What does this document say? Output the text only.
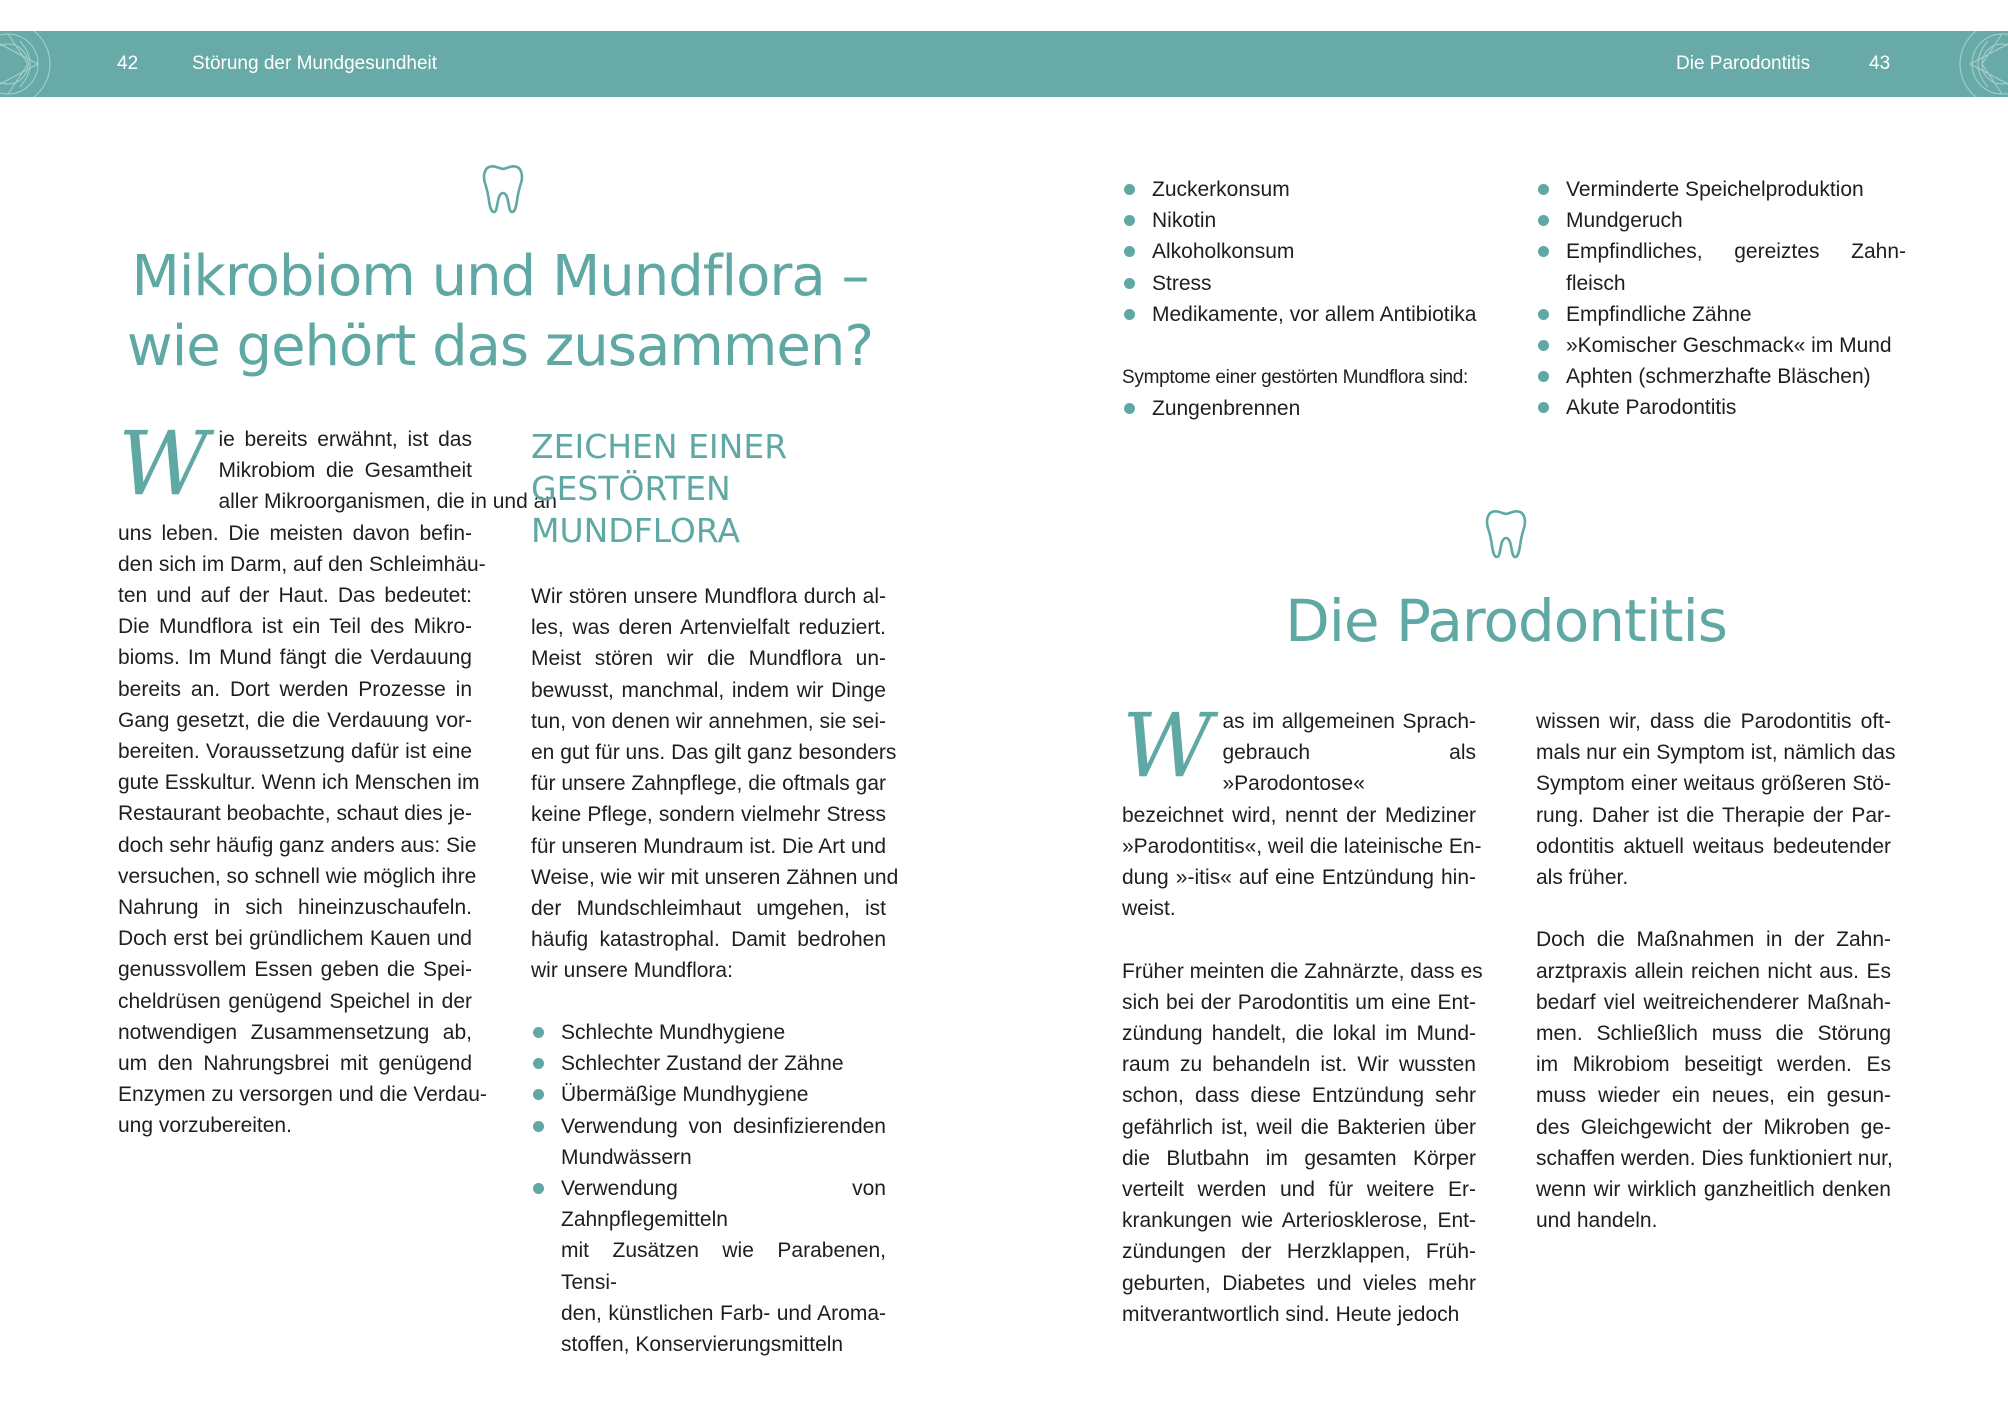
42	Störung der Mundgesundheit	Die Parodontitis	43
Mikrobiom und Mundflora –
wie gehört das zusammen?
W ie bereits erwähnt, ist das
Mikrobiom die Gesamtheit
aller Mikroorganismen, die in und an
uns leben. Die meisten davon befin-
den sich im Darm, auf den Schleimhäu-
ten und auf der Haut. Das bedeutet:
Die Mundflora ist ein Teil des Mikro-
bioms. Im Mund fängt die Verdauung
bereits an. Dort werden Prozesse in
Gang gesetzt, die die Verdauung vor-
bereiten. Voraussetzung dafür ist eine
gute Esskultur. Wenn ich Menschen im
Restaurant beobachte, schaut dies je-
doch sehr häufig ganz anders aus: Sie
versuchen, so schnell wie möglich ihre
Nahrung in sich hineinzuschaufeln.
Doch erst bei gründlichem Kauen und
genussvollem Essen geben die Spei-
cheldrüsen genügend Speichel in der
notwendigen Zusammensetzung ab,
um den Nahrungsbrei mit genügend
Enzymen zu versorgen und die Verdau-
ung vorzubereiten.
ZEICHEN EINER
GESTÖRTEN
MUNDFLORA
Wir stören unsere Mundflora durch al-
les, was deren Artenvielfalt reduziert.
Meist stören wir die Mundflora un-
bewusst, manchmal, indem wir Dinge
tun, von denen wir annehmen, sie sei-
en gut für uns. Das gilt ganz besonders
für unsere Zahnpflege, die oftmals gar
keine Pflege, sondern vielmehr Stress
für unseren Mundraum ist. Die Art und
Weise, wie wir mit unseren Zähnen und
der Mundschleimhaut umgehen, ist
häufig katastrophal. Damit bedrohen
wir unsere Mundflora:
Schlechte Mundhygiene
Schlechter Zustand der Zähne
Übermäßige Mundhygiene
Verwendung von desinfizierenden
Mundwässern
Verwendung von Zahnpflegemitteln
mit Zusätzen wie Parabenen, Tensi-
den, künstlichen Farb- und Aroma-
stoffen, Konservierungsmitteln
Zuckerkonsum
Nikotin
Alkoholkonsum
Stress
Medikamente, vor allem Antibiotika
Symptome einer gestörten Mundflora sind:
Zungenbrennen
Verminderte Speichelproduktion
Mundgeruch
Empfindliches, gereiztes Zahn-
fleisch
Empfindliche Zähne
»Komischer Geschmack« im Mund
Aphten (schmerzhafte Bläschen)
Akute Parodontitis
Die Parodontitis
W as im allgemeinen Sprach-
gebrauch als »Parodontose«
bezeichnet wird, nennt der Mediziner
»Parodontitis«, weil die lateinische En-
dung »-itis« auf eine Entzündung hin-
weist.
Früher meinten die Zahnärzte, dass es
sich bei der Parodontitis um eine Ent-
zündung handelt, die lokal im Mund-
raum zu behandeln ist. Wir wussten
schon, dass diese Entzündung sehr
gefährlich ist, weil die Bakterien über
die Blutbahn im gesamten Körper
verteilt werden und für weitere Er-
krankungen wie Arteriosklerose, Ent-
zündungen der Herzklappen, Früh-
geburten, Diabetes und vieles mehr
mitverantwortlich sind. Heute jedoch
wissen wir, dass die Parodontitis oft-
mals nur ein Symptom ist, nämlich das
Symptom einer weitaus größeren Stö-
rung. Daher ist die Therapie der Par-
odontitis aktuell weitaus bedeutender
als früher.
Doch die Maßnahmen in der Zahn-
arztpraxis allein reichen nicht aus. Es
bedarf viel weitreichenderer Maßnah-
men. Schließlich muss die Störung
im Mikrobiom beseitigt werden. Es
muss wieder ein neues, ein gesun-
des Gleichgewicht der Mikroben ge-
schaffen werden. Dies funktioniert nur,
wenn wir wirklich ganzheitlich denken
und handeln.
